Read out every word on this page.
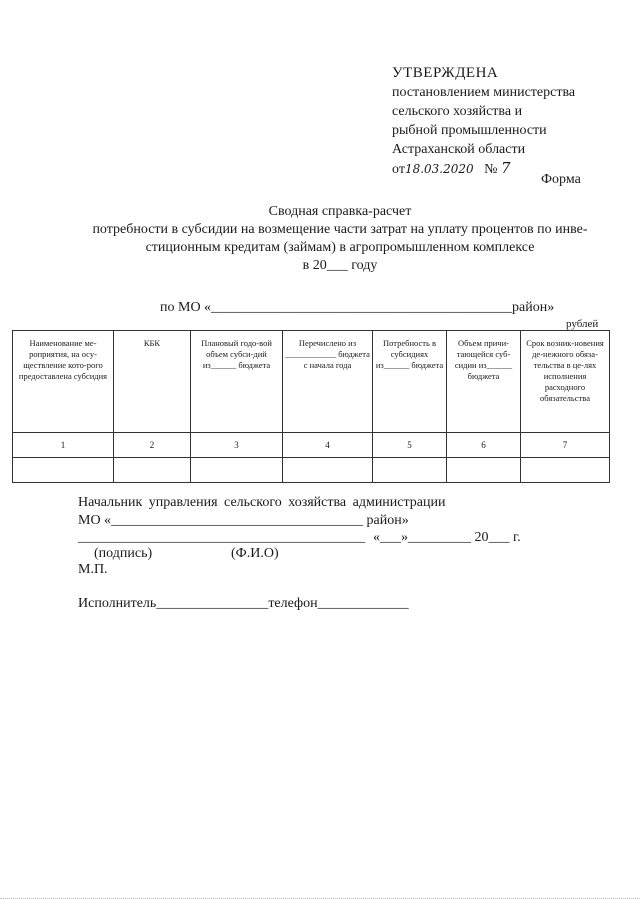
УТВЕРЖДЕНА
постановлением министерства
сельского хозяйства и
рыбной промышленности
Астраханской области
от18.03.2020 № 7
Форма
Сводная справка-расчет
потребности в субсидии на возмещение части затрат на уплату процентов по инве-
стиционным кредитам (займам) в агропромышленном комплексе
в 20___ году
по МО «___________________________________________район»
рублей
Наименование ме-роприятия, на осу-ществление кото-рого предоставлена субсидия	КБК	Плановый годо-вой объем субси-дий из______ бюджета	Перечислено из ____________ бюджета с начала года	Потребность в субсидиях из______ бюджета	Объем причи-тающейся суб-сидии из______ бюджета	Срок возник-новения де-нежного обяза-тельства в це-лях исполнения расходного обязательства
1	2	3	4	5	6	7

Начальник управления сельского хозяйства администрации
МО «____________________________________ район»
_________________________________________ «___»_________ 20___ г.
(подпись)	(Ф.И.О)
М.П.
Исполнитель________________телефон_____________
